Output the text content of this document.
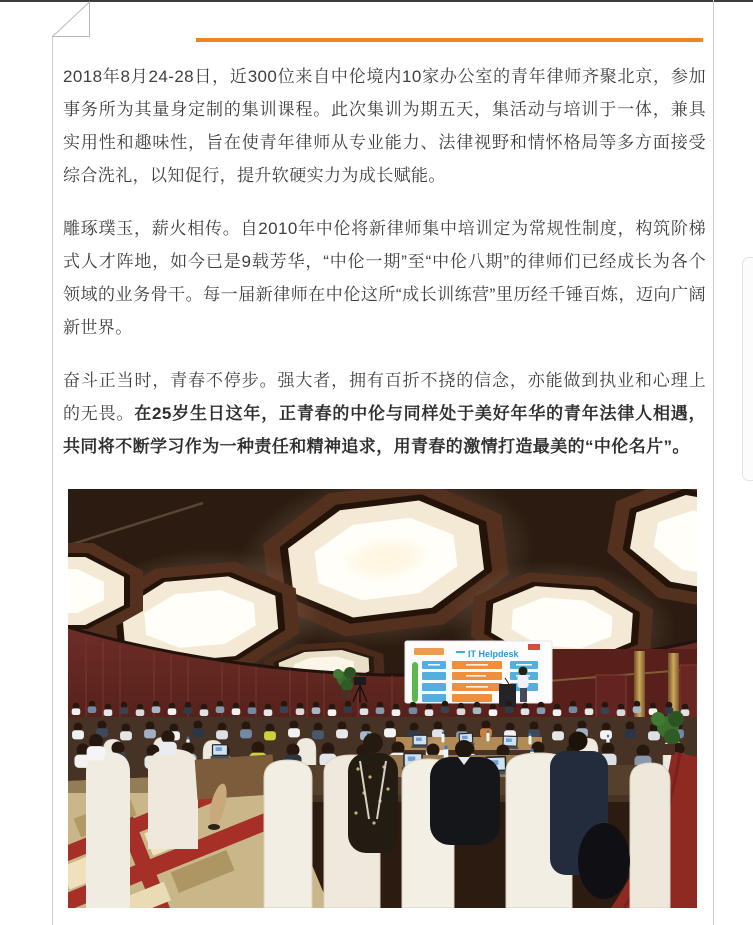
2018年8月24-28日，近300位来自中伦境内10家办公室的青年律师齐聚北京，参加事务所为其量身定制的集训课程。此次集训为期五天，集活动与培训于一体，兼具实用性和趣味性，旨在使青年律师从专业能力、法律视野和情怀格局等多方面接受综合洗礼，以知促行，提升软硬实力为成长赋能。

雕琢璞玉，薪火相传。自2010年中伦将新律师集中培训定为常规性制度，构筑阶梯式人才阵地，如今已是9载芳华，“中伦一期”至“中伦八期”的律师们已经成长为各个领域的业务骨干。每一届新律师在中伦这所“成长训练营”里历经千锤百炼，迈向广阔新世界。

奋斗正当时，青春不停步。强大者，拥有百折不挠的信念，亦能做到执业和心理上的无畏。在25岁生日这年，正青春的中伦与同样处于美好年华的青年法律人相遇，共同将不断学习作为一种责任和精神追求，用青春的激情打造最美的“中伦名片”。

IT Helpdesk
